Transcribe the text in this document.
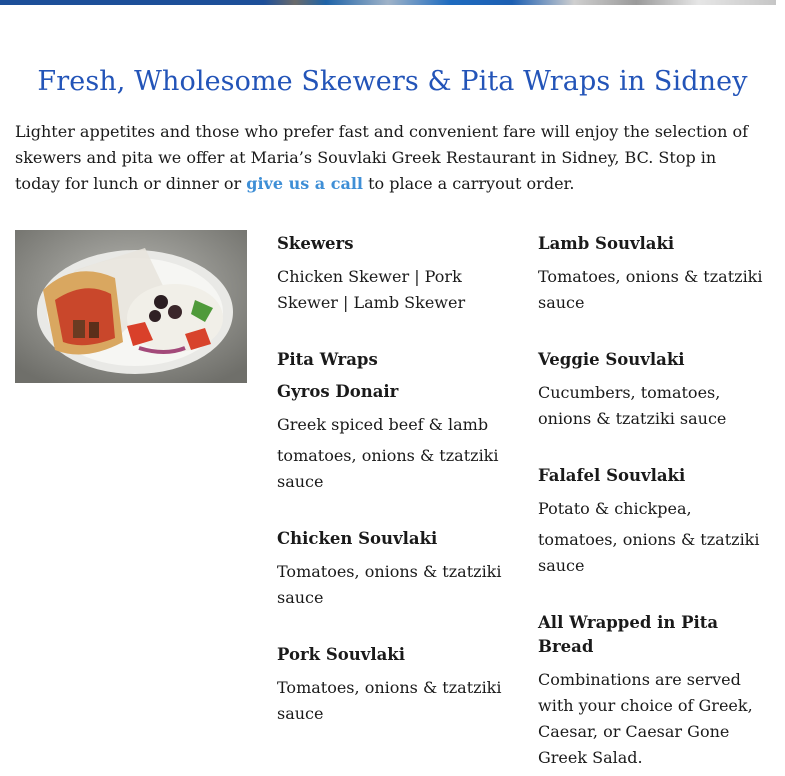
Fresh, Wholesome Skewers & Pita Wraps in Sidney

Lighter appetites and those who prefer fast and convenient fare will enjoy the selection of skewers and pita we offer at Maria’s Souvlaki Greek Restaurant in Sidney, BC. Stop in today for lunch or dinner or give us a call to place a carryout order.

Skewers

Chicken Skewer | Pork Skewer | Lamb Skewer

Pita Wraps

Gyros Donair

Greek spiced beef & lamb

tomatoes, onions & tzatziki sauce

Chicken Souvlaki

Tomatoes, onions & tzatziki sauce

Pork Souvlaki

Tomatoes, onions & tzatziki sauce

Lamb Souvlaki

Tomatoes, onions & tzatziki sauce

Veggie Souvlaki

Cucumbers, tomatoes, onions & tzatziki sauce

Falafel Souvlaki

Potato & chickpea,

tomatoes, onions & tzatziki sauce

All Wrapped in Pita Bread

Combinations are served with your choice of Greek, Caesar, or Caesar Gone Greek Salad.
